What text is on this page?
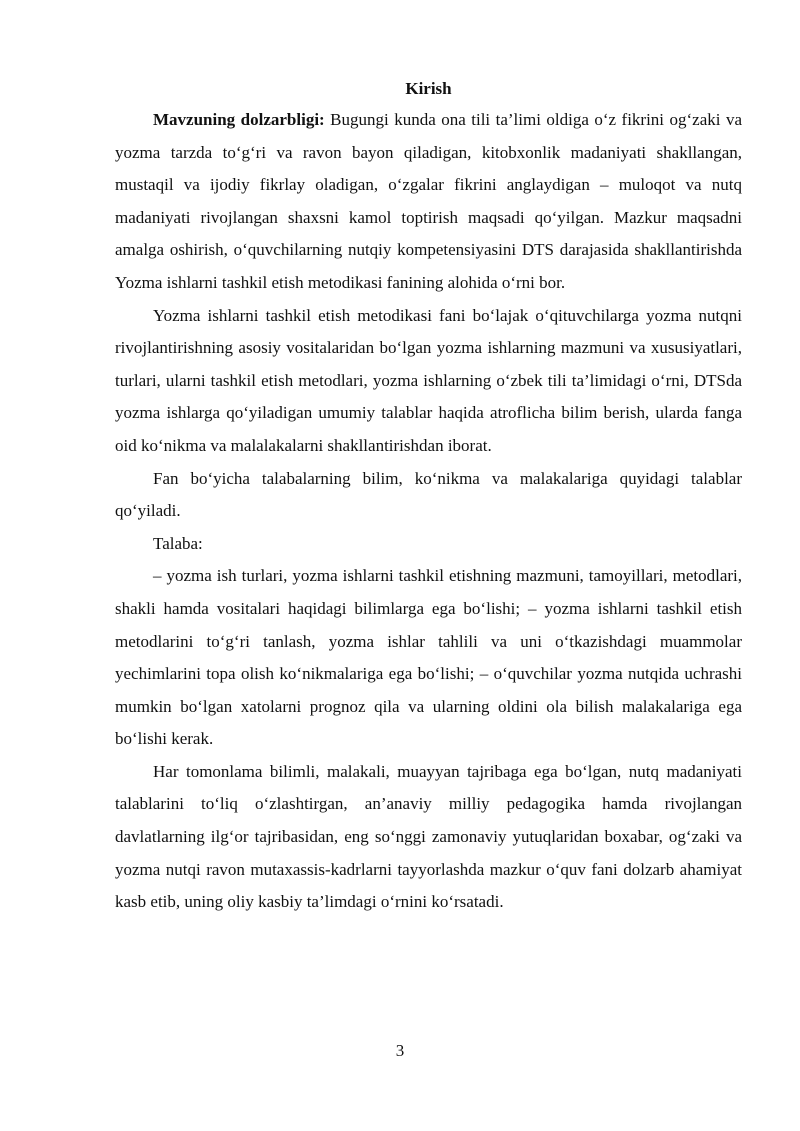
Kirish

Mavzuning dolzarbligi: Bugungi kunda ona tili ta’limi oldiga o‘z fikrini og‘zaki va yozma tarzda to‘g‘ri va ravon bayon qiladigan, kitobxonlik madaniyati shakllangan, mustaqil va ijodiy fikrlay oladigan, o‘zgalar fikrini anglaydigan – muloqot va nutq madaniyati rivojlangan shaxsni kamol toptirish maqsadi qo‘yilgan. Mazkur maqsadni amalga oshirish, o‘quvchilarning nutqiy kompetensiyasini DTS darajasida shakllantirishda Yozma ishlarni tashkil etish metodikasi fanining alohida o‘rni bor.

Yozma ishlarni tashkil etish metodikasi fani bo‘lajak o‘qituvchilarga yozma nutqni rivojlantirishning asosiy vositalaridan bo‘lgan yozma ishlarning mazmuni va xususiyatlari, turlari, ularni tashkil etish metodlari, yozma ishlarning o‘zbek tili ta’limidagi o‘rni, DTSda yozma ishlarga qo‘yiladigan umumiy talablar haqida atroflicha bilim berish, ularda fanga oid ko‘nikma va malalakalarni shakllantirishdan iborat.

Fan bo‘yicha talabalarning bilim, ko‘nikma va malakalariga quyidagi talablar qo‘yiladi.

Talaba:

– yozma ish turlari, yozma ishlarni tashkil etishning mazmuni, tamoyillari, metodlari, shakli hamda vositalari haqidagi bilimlarga ega bo‘lishi; – yozma ishlarni tashkil etish metodlarini to‘g‘ri tanlash, yozma ishlar tahlili va uni o‘tkazishdagi muammolar yechimlarini topa olish ko‘nikmalariga ega bo‘lishi; – o‘quvchilar yozma nutqida uchrashi mumkin bo‘lgan xatolarni prognoz qila va ularning oldini ola bilish malakalariga ega bo‘lishi kerak.

Har tomonlama bilimli, malakali, muayyan tajribaga ega bo‘lgan, nutq madaniyati talablarini to‘liq o‘zlashtirgan, an’anaviy milliy pedagogika hamda rivojlangan davlatlarning ilg‘or tajribasidan, eng so‘nggi zamonaviy yutuqlaridan boxabar, og‘zaki va yozma nutqi ravon mutaxassis-kadrlarni tayyorlashda mazkur o‘quv fani dolzarb ahamiyat kasb etib, uning oliy kasbiy ta’limdagi o‘rnini ko‘rsatadi.

3
